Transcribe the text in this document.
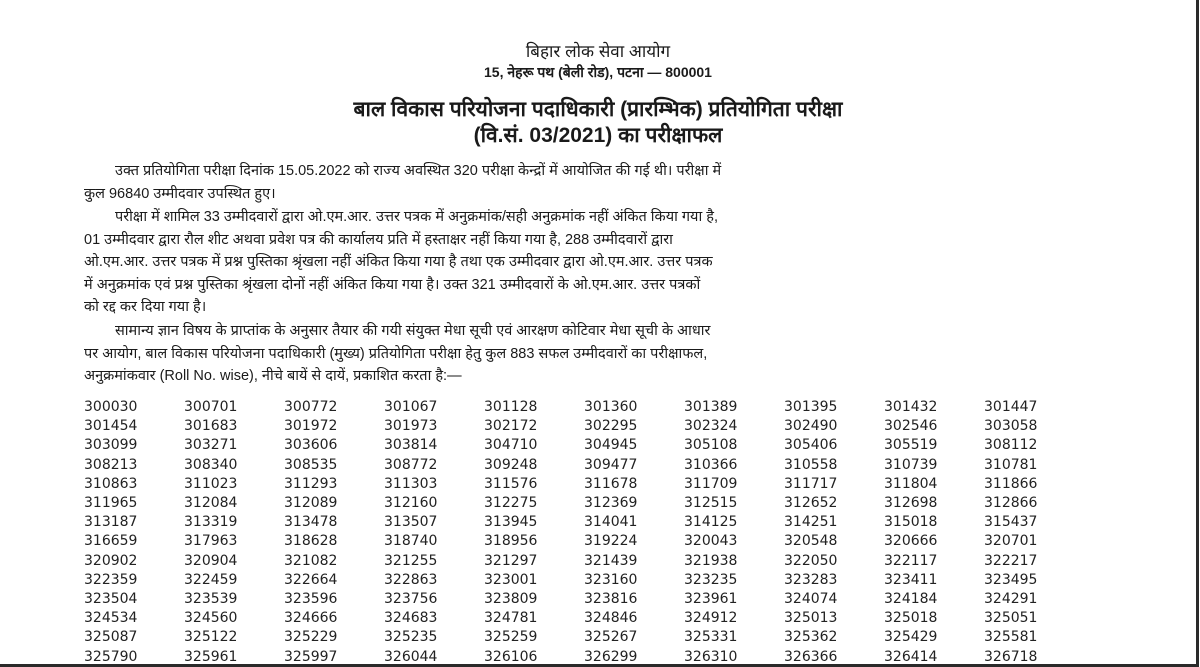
बिहार लोक सेवा आयोग
15, नेहरू पथ (बेली रोड), पटना — 800001
बाल विकास परियोजना पदाधिकारी (प्रारम्भिक) प्रतियोगिता परीक्षा
(वि.सं. 03/2021) का परीक्षाफल
उक्त प्रतियोगिता परीक्षा दिनांक 15.05.2022 को राज्य अवस्थित 320 परीक्षा केन्द्रों में आयोजित की गई थी। परीक्षा में
कुल 96840 उम्मीदवार उपस्थित हुए।
परीक्षा में शामिल 33 उम्मीदवारों द्वारा ओ.एम.आर. उत्तर पत्रक में अनुक्रमांक/सही अनुक्रमांक नहीं अंकित किया गया है,
01 उम्मीदवार द्वारा रौल शीट अथवा प्रवेश पत्र की कार्यालय प्रति में हस्ताक्षर नहीं किया गया है, 288 उम्मीदवारों द्वारा
ओ.एम.आर. उत्तर पत्रक में प्रश्न पुस्तिका श्रृंखला नहीं अंकित किया गया है तथा एक उम्मीदवार द्वारा ओ.एम.आर. उत्तर पत्रक
में अनुक्रमांक एवं प्रश्न पुस्तिका श्रृंखला दोनों नहीं अंकित किया गया है। उक्त 321 उम्मीदवारों के ओ.एम.आर. उत्तर पत्रकों
को रद्द कर दिया गया है।
सामान्य ज्ञान विषय के प्राप्तांक के अनुसार तैयार की गयी संयुक्त मेधा सूची एवं आरक्षण कोटिवार मेधा सूची के आधार
पर आयोग, बाल विकास परियोजना पदाधिकारी (मुख्य) प्रतियोगिता परीक्षा हेतु कुल 883 सफल उम्मीदवारों का परीक्षाफल,
अनुक्रमांकवार (Roll No. wise), नीचे बायें से दायें, प्रकाशित करता है:—
300030	300701	300772	301067	301128	301360	301389	301395	301432	301447
301454	301683	301972	301973	302172	302295	302324	302490	302546	303058
303099	303271	303606	303814	304710	304945	305108	305406	305519	308112
308213	308340	308535	308772	309248	309477	310366	310558	310739	310781
310863	311023	311293	311303	311576	311678	311709	311717	311804	311866
311965	312084	312089	312160	312275	312369	312515	312652	312698	312866
313187	313319	313478	313507	313945	314041	314125	314251	315018	315437
316659	317963	318628	318740	318956	319224	320043	320548	320666	320701
320902	320904	321082	321255	321297	321439	321938	322050	322117	322217
322359	322459	322664	322863	323001	323160	323235	323283	323411	323495
323504	323539	323596	323756	323809	323816	323961	324074	324184	324291
324534	324560	324666	324683	324781	324846	324912	325013	325018	325051
325087	325122	325229	325235	325259	325267	325331	325362	325429	325581
325790	325961	325997	326044	326106	326299	326310	326366	326414	326718
